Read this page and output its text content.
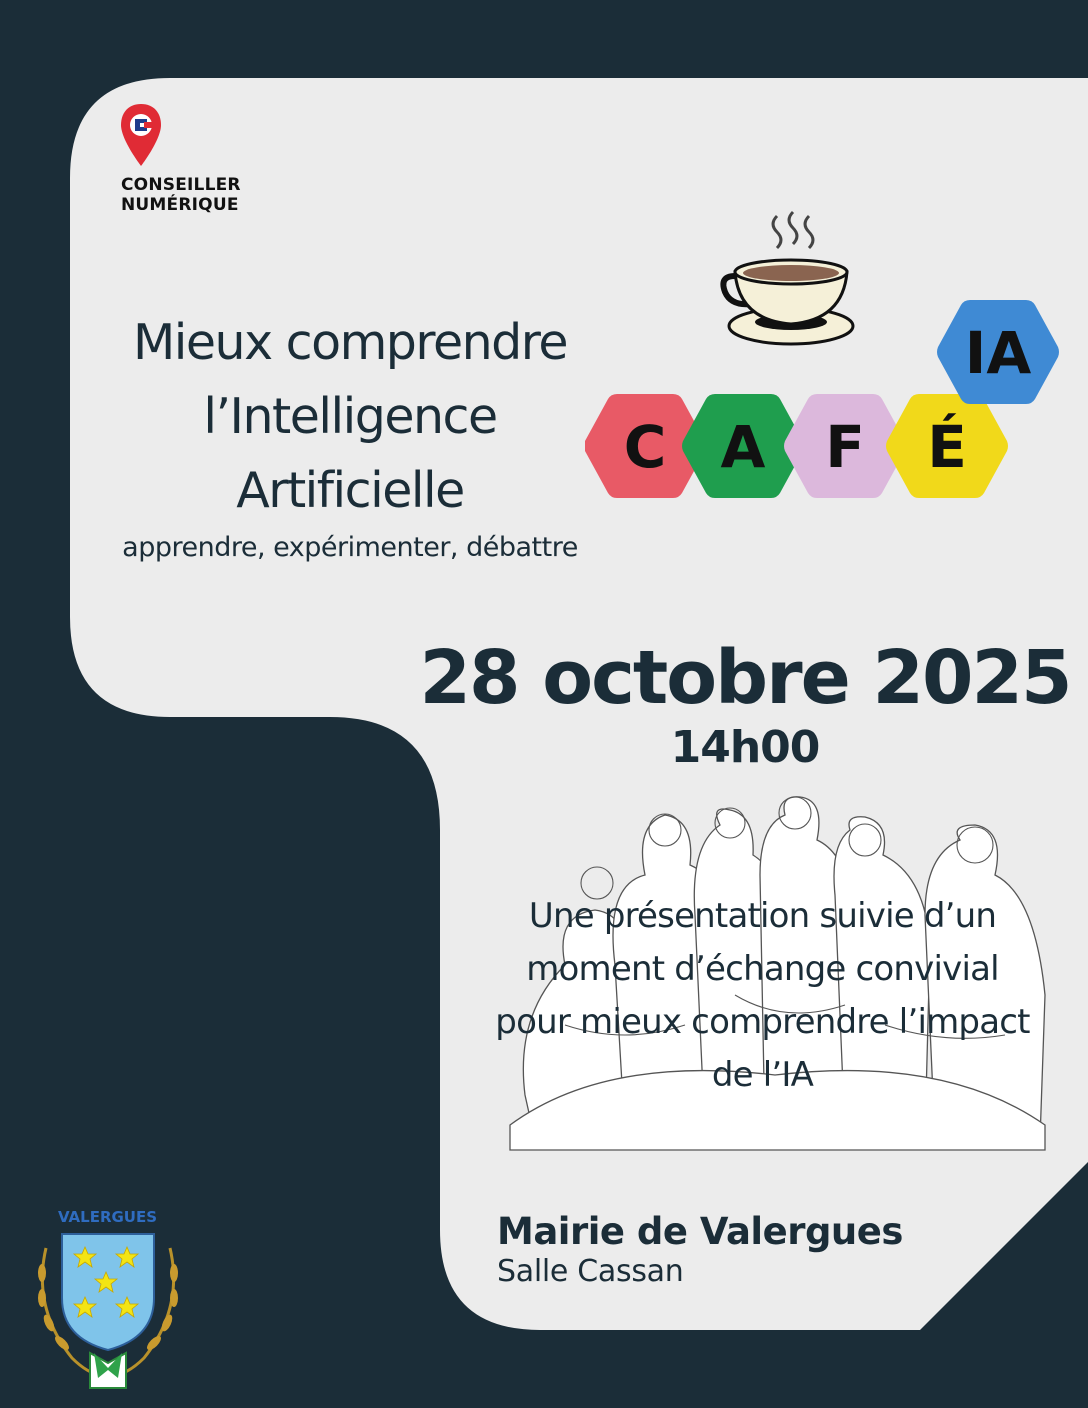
CONSEILLER
NUMÉRIQUE
Mieux comprendre
l’Intelligence
Artificielle
apprendre, expérimenter, débattre
C A F É
IA
28 octobre 2025
14h00
Une présentation suivie d’un
moment d’échange convivial
pour mieux comprendre l’impact
de l’IA
Mairie de Valergues
Salle Cassan
VALERGUES
